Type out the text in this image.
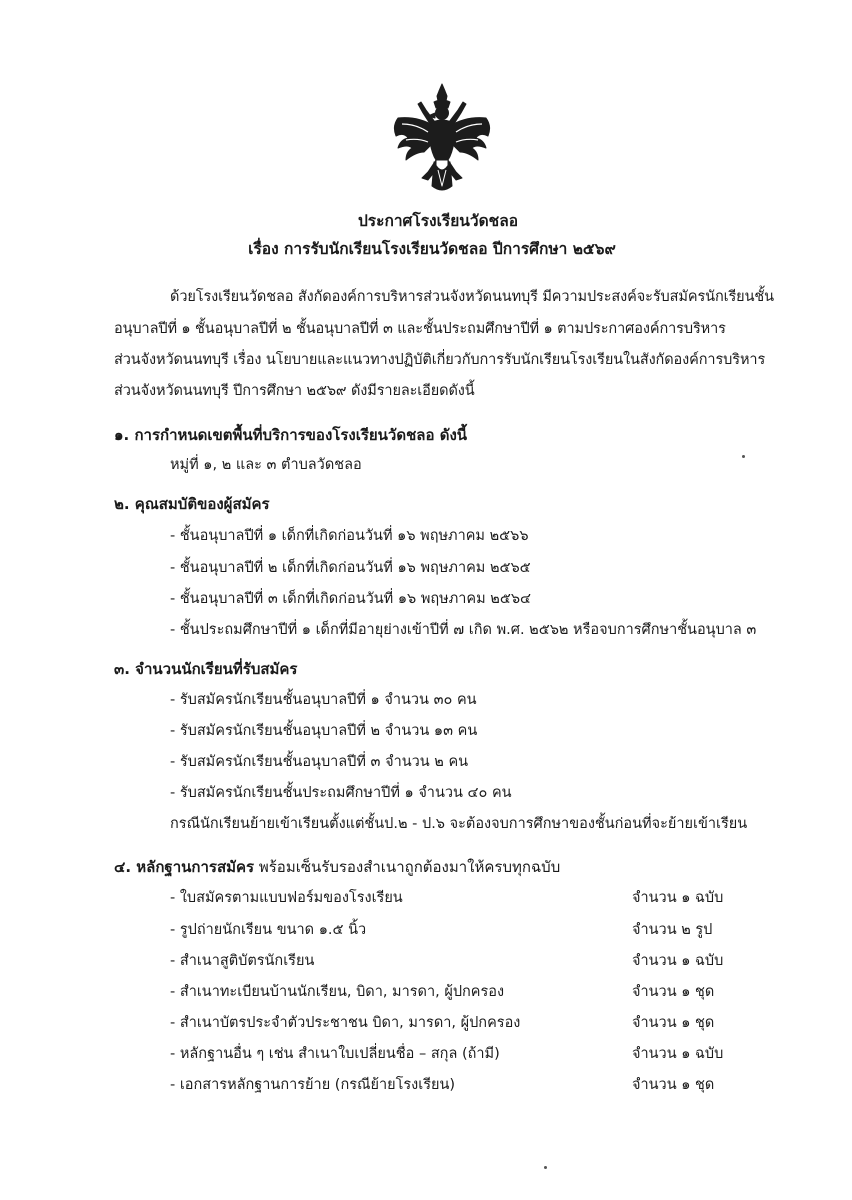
ประกาศโรงเรียนวัดชลอ
เรื่อง การรับนักเรียนโรงเรียนวัดชลอ ปีการศึกษา ๒๕๖๙
ด้วยโรงเรียนวัดชลอ สังกัดองค์การบริหารส่วนจังหวัดนนทบุรี มีความประสงค์จะรับสมัครนักเรียนชั้น
อนุบาลปีที่ ๑ ชั้นอนุบาลปีที่ ๒ ชั้นอนุบาลปีที่ ๓ และชั้นประถมศึกษาปีที่ ๑ ตามประกาศองค์การบริหาร
ส่วนจังหวัดนนทบุรี เรื่อง นโยบายและแนวทางปฏิบัติเกี่ยวกับการรับนักเรียนโรงเรียนในสังกัดองค์การบริหาร
ส่วนจังหวัดนนทบุรี ปีการศึกษา ๒๕๖๙ ดังมีรายละเอียดดังนี้
๑. การกำหนดเขตพื้นที่บริการของโรงเรียนวัดชลอ ดังนี้
หมู่ที่ ๑, ๒ และ ๓ ตำบลวัดชลอ
๒. คุณสมบัติของผู้สมัคร
- ชั้นอนุบาลปีที่ ๑ เด็กที่เกิดก่อนวันที่ ๑๖ พฤษภาคม ๒๕๖๖
- ชั้นอนุบาลปีที่ ๒ เด็กที่เกิดก่อนวันที่ ๑๖ พฤษภาคม ๒๕๖๕
- ชั้นอนุบาลปีที่ ๓ เด็กที่เกิดก่อนวันที่ ๑๖ พฤษภาคม ๒๕๖๔
- ชั้นประถมศึกษาปีที่ ๑ เด็กที่มีอายุย่างเข้าปีที่ ๗ เกิด พ.ศ. ๒๕๖๒ หรือจบการศึกษาชั้นอนุบาล ๓
๓. จำนวนนักเรียนที่รับสมัคร
- รับสมัครนักเรียนชั้นอนุบาลปีที่ ๑ จำนวน ๓๐ คน
- รับสมัครนักเรียนชั้นอนุบาลปีที่ ๒ จำนวน ๑๓ คน
- รับสมัครนักเรียนชั้นอนุบาลปีที่ ๓ จำนวน ๒ คน
- รับสมัครนักเรียนชั้นประถมศึกษาปีที่ ๑ จำนวน ๔๐ คน
กรณีนักเรียนย้ายเข้าเรียนตั้งแต่ชั้นป.๒ - ป.๖ จะต้องจบการศึกษาของชั้นก่อนที่จะย้ายเข้าเรียน
๔. หลักฐานการสมัคร พร้อมเซ็นรับรองสำเนาถูกต้องมาให้ครบทุกฉบับ
- ใบสมัครตามแบบฟอร์มของโรงเรียน	จำนวน ๑ ฉบับ
- รูปถ่ายนักเรียน ขนาด ๑.๕ นิ้ว	จำนวน ๒ รูป
- สำเนาสูติบัตรนักเรียน	จำนวน ๑ ฉบับ
- สำเนาทะเบียนบ้านนักเรียน, บิดา, มารดา, ผู้ปกครอง	จำนวน ๑ ชุด
- สำเนาบัตรประจำตัวประชาชน บิดา, มารดา, ผู้ปกครอง	จำนวน ๑ ชุด
- หลักฐานอื่น ๆ เช่น สำเนาใบเปลี่ยนชื่อ – สกุล (ถ้ามี)	จำนวน ๑ ฉบับ
- เอกสารหลักฐานการย้าย (กรณีย้ายโรงเรียน)	จำนวน ๑ ชุด
